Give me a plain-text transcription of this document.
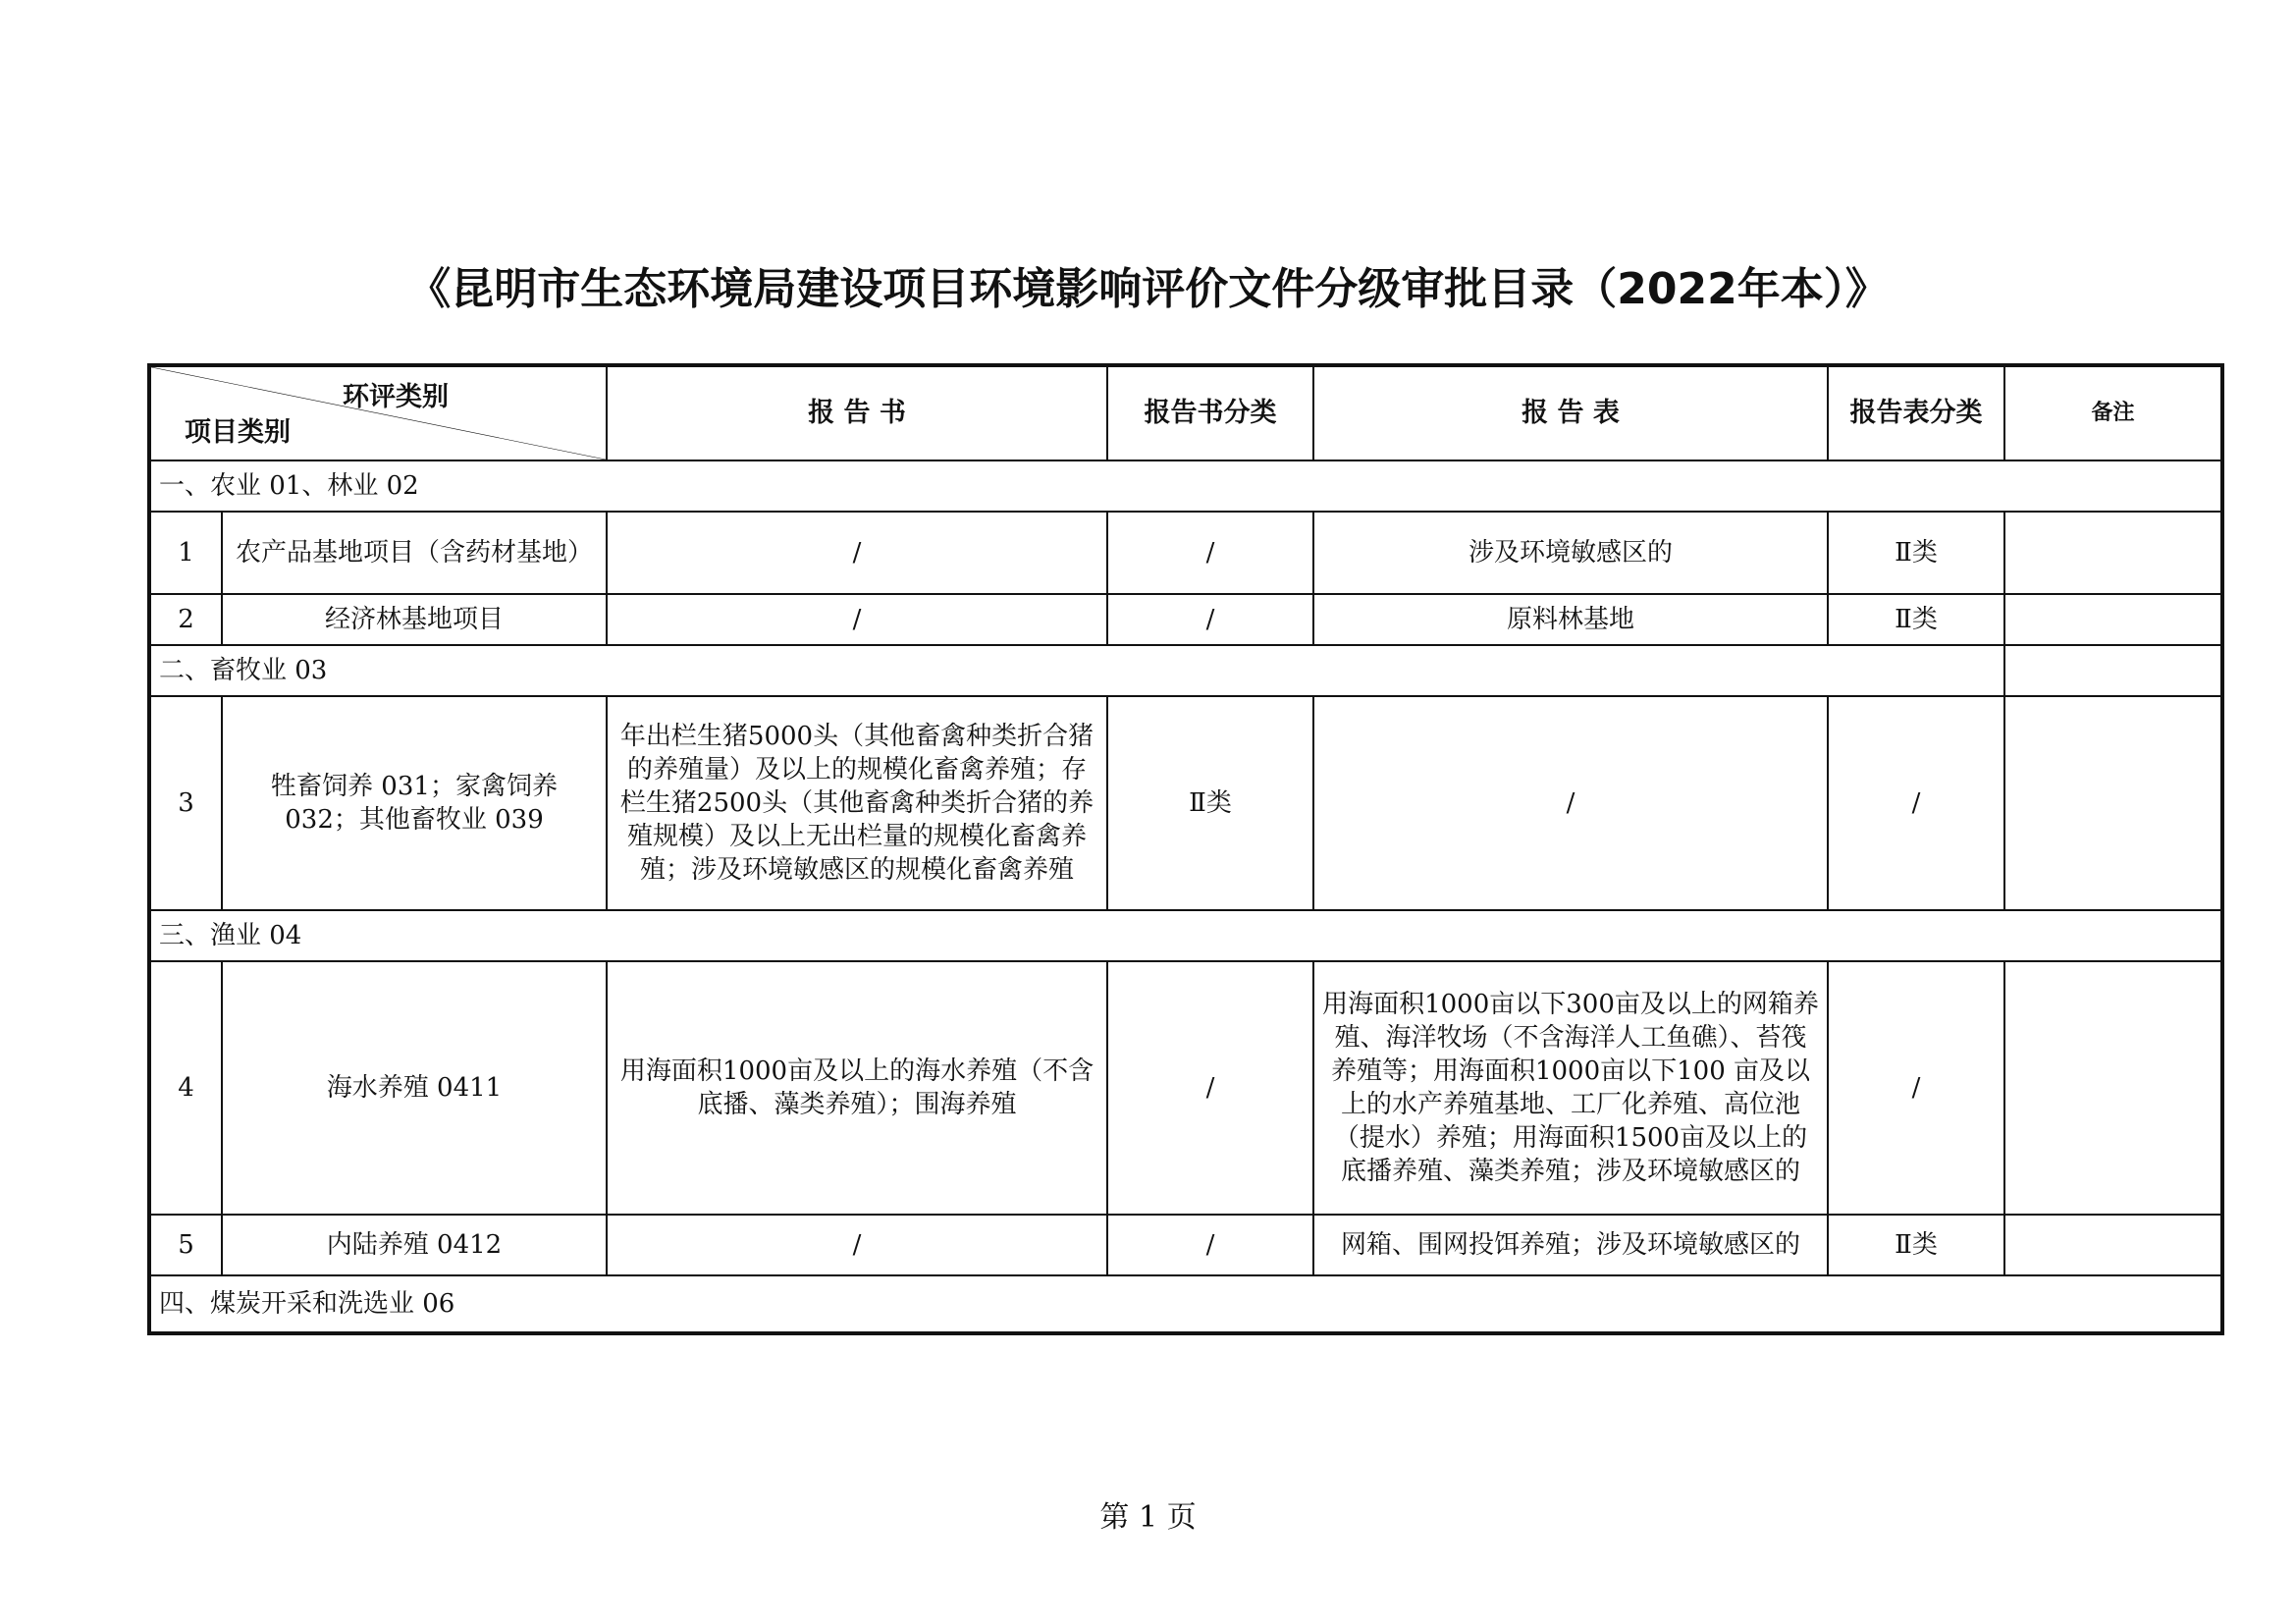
《昆明市生态环境局建设项目环境影响评价文件分级审批目录（2022年本）》
环评类别
项目类别		报 告 书	报告书分类	报 告 表	报告表分类	备注
一、农业 01、林业 02						
1	农产品基地项目（含药材基地）	/	/	涉及环境敏感区的	Ⅱ类	
2	经济林基地项目	/	/	原料林基地	Ⅱ类	
二、畜牧业 03						
3	牲畜饲养 031；家禽饲养 032；其他畜牧业 039	年出栏生猪5000头（其他畜禽种类折合猪的养殖量）及以上的规模化畜禽养殖；存栏生猪2500头（其他畜禽种类折合猪的养殖规模）及以上无出栏量的规模化畜禽养殖；涉及环境敏感区的规模化畜禽养殖	Ⅱ类	/	/	
三、渔业 04						
4	海水养殖 0411	用海面积1000亩及以上的海水养殖（不含底播、藻类养殖）；围海养殖	/	用海面积1000亩以下300亩及以上的网箱养殖、海洋牧场（不含海洋人工鱼礁）、苔筏养殖等；用海面积1000亩以下100 亩及以上的水产养殖基地、工厂化养殖、高位池（提水）养殖；用海面积1500亩及以上的底播养殖、藻类养殖；涉及环境敏感区的	/	
5	内陆养殖 0412	/	/	网箱、围网投饵养殖；涉及环境敏感区的	Ⅱ类	
四、煤炭开采和洗选业 06						
第 1 页
